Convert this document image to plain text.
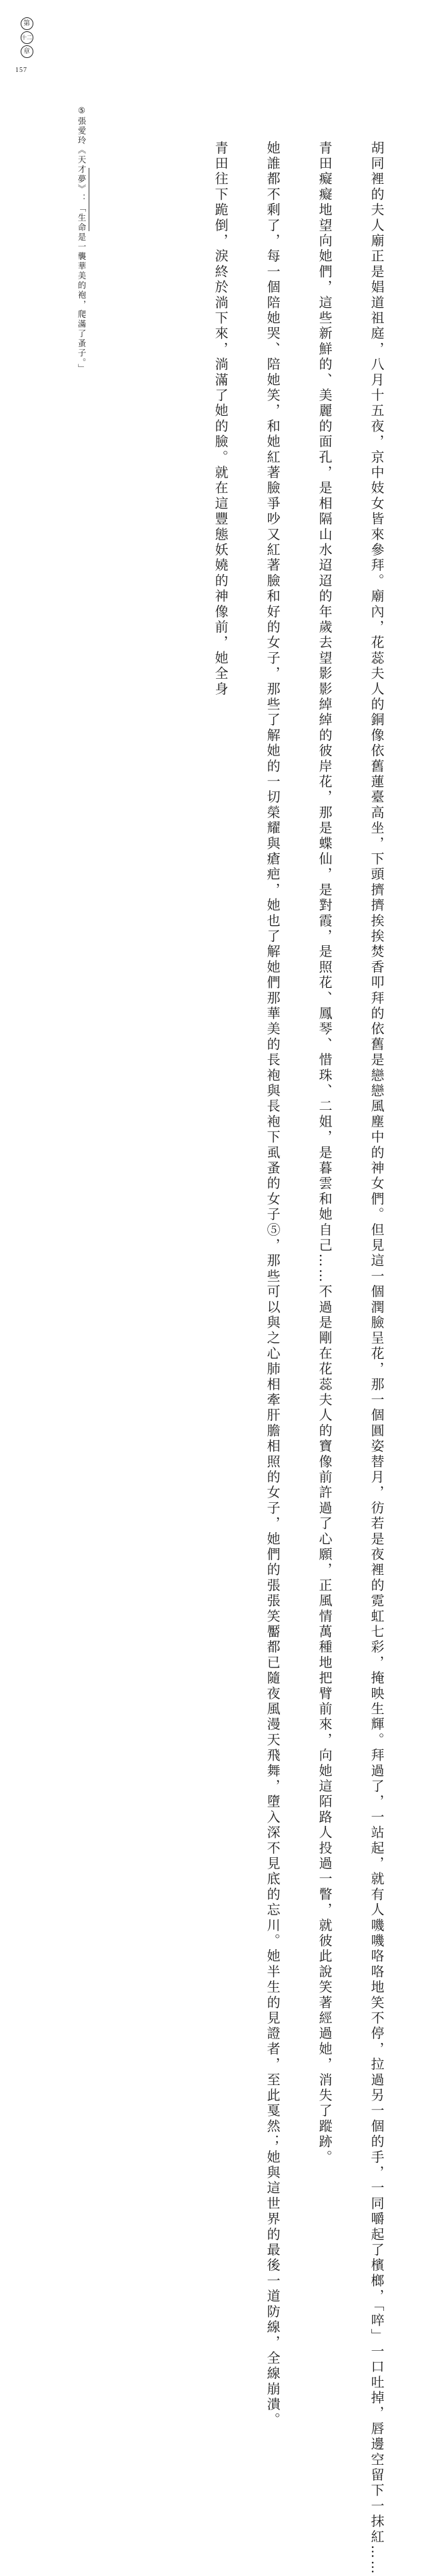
第
十二
章
157

　胡同裡的夫人廟正是娼道祖庭，八月十五夜，京中妓女皆來參拜。廟內，花蕊夫人的銅像依舊蓮臺高坐，下頭擠擠挨挨焚香叩拜的依舊是戀戀風塵中的神女們。但見這一個潤臉呈花，那一個圓姿替月，彷若是夜裡的霓虹七彩，掩映生輝。拜過了，一站起，就有人嘰嘰咯咯地笑不停，拉過另一個的手，一同嚼起了檳榔，「啐」一口吐掉，唇邊空留下一抹紅……

　青田癡癡地望向她們，這些新鮮的、美麗的面孔，是相隔山水迢迢的年歲去望影影綽綽的彼岸花，那是蝶仙，是對霞，是照花、鳳琴、惜珠、二姐，是暮雲和她自己……不過是剛在花蕊夫人的寶像前許過了心願，正風情萬種地把臂前來，向她這陌路人投過一瞥，就彼此說笑著經過她，消失了蹤跡。

　她誰都不剩了，每一個陪她哭、陪她笑，和她紅著臉爭吵又紅著臉和好的女子，那些了解她的一切榮耀與瘡疤，她也了解她們那華美的長袍與長袍下虱蚤的女子⑤，那些可以與之心肺相牽肝膽相照的女子，她們的張張笑靨都已隨夜風漫天飛舞，墮入深不見底的忘川。她半生的見證者，至此戛然；她與這世界的最後一道防線，全線崩潰。

　青田往下跪倒，淚終於淌下來，淌滿了她的臉。就在這豐態妖嬈的神像前，她全身

⑤張愛玲《天才夢》：「生命是一襲華美的袍，爬滿了蚤子。」
